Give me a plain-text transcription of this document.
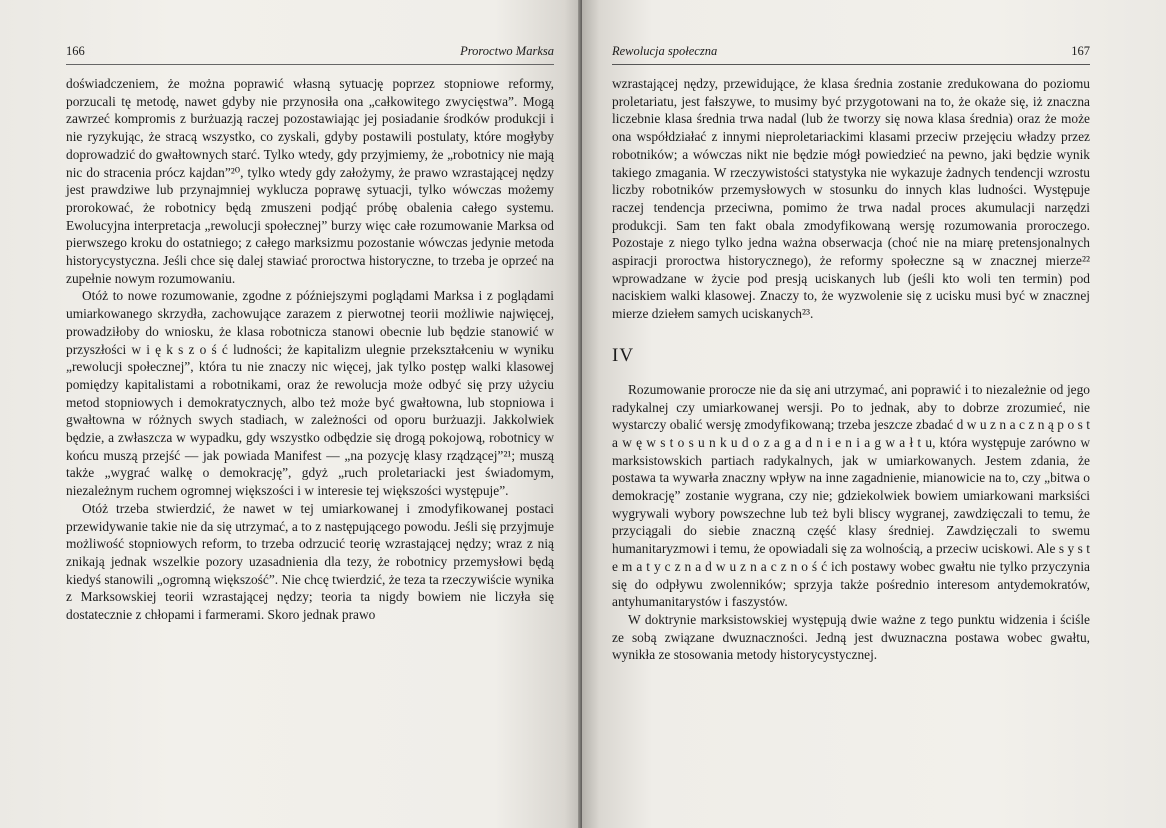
166	Proroctwo Marksa

doświadczeniem, że można poprawić własną sytuację poprzez stopniowe reformy, porzucali tę metodę, nawet gdyby nie przynosiła ona „całkowitego zwycięstwa”. Mogą zawrzeć kompromis z burżuazją raczej pozostawiając jej posiadanie środków produkcji i nie ryzykując, że stracą wszystko, co zyskali, gdyby postawili postulaty, które mogłyby doprowadzić do gwałtownych starć. Tylko wtedy, gdy przyjmiemy, że „robotnicy nie mają nic do stracenia prócz kajdan”²⁰, tylko wtedy gdy założymy, że prawo wzrastającej nędzy jest prawdziwe lub przynajmniej wyklucza poprawę sytuacji, tylko wówczas możemy prorokować, że robotnicy będą zmuszeni podjąć próbę obalenia całego systemu. Ewolucyjna interpretacja „rewolucji społecznej” burzy więc całe rozumowanie Marksa od pierwszego kroku do ostatniego; z całego marksizmu pozostanie wówczas jedynie metoda historycystyczna. Jeśli chce się dalej stawiać proroctwa historyczne, to trzeba je oprzeć na zupełnie nowym rozumowaniu.

Otóż to nowe rozumowanie, zgodne z późniejszymi poglądami Marksa i z poglądami umiarkowanego skrzydła, zachowujące zarazem z pierwotnej teorii możliwie najwięcej, prowadziłoby do wniosku, że klasa robotnicza stanowi obecnie lub będzie stanowić w przyszłości w i ę k s z o ś ć ludności; że kapitalizm ulegnie przekształceniu w wyniku „rewolucji społecznej”, która tu nie znaczy nic więcej, jak tylko postęp walki klasowej pomiędzy kapitalistami a robotnikami, oraz że rewolucja może odbyć się przy użyciu metod stopniowych i demokratycznych, albo też może być gwałtowna, lub stopniowa i gwałtowna w różnych swych stadiach, w zależności od oporu burżuazji. Jakkolwiek będzie, a zwłaszcza w wypadku, gdy wszystko odbędzie się drogą pokojową, robotnicy w końcu muszą przejść — jak powiada Manifest — „na pozycję klasy rządzącej”²¹; muszą także „wygrać walkę o demokrację”, gdyż „ruch proletariacki jest świadomym, niezależnym ruchem ogromnej większości i w interesie tej większości występuje”.

Otóż trzeba stwierdzić, że nawet w tej umiarkowanej i zmodyfikowanej postaci przewidywanie takie nie da się utrzymać, a to z następującego powodu. Jeśli się przyjmuje możliwość stopniowych reform, to trzeba odrzucić teorię wzrastającej nędzy; wraz z nią znikają jednak wszelkie pozory uzasadnienia dla tezy, że robotnicy przemysłowi będą kiedyś stanowili „ogromną większość”. Nie chcę twierdzić, że teza ta rzeczywiście wynika z Marksowskiej teorii wzrastającej nędzy; teoria ta nigdy bowiem nie liczyła się dostatecznie z chłopami i farmerami. Skoro jednak prawo

Rewolucja społeczna	167

wzrastającej nędzy, przewidujące, że klasa średnia zostanie zredukowana do poziomu proletariatu, jest fałszywe, to musimy być przygotowani na to, że okaże się, iż znaczna liczebnie klasa średnia trwa nadal (lub że tworzy się nowa klasa średnia) oraz że może ona współdziałać z innymi nieproletariackimi klasami przeciw przejęciu władzy przez robotników; a wówczas nikt nie będzie mógł powiedzieć na pewno, jaki będzie wynik takiego zmagania. W rzeczywistości statystyka nie wykazuje żadnych tendencji wzrostu liczby robotników przemysłowych w stosunku do innych klas ludności. Występuje raczej tendencja przeciwna, pomimo że trwa nadal proces akumulacji narzędzi produkcji. Sam ten fakt obala zmodyfikowaną wersję rozumowania proroczego. Pozostaje z niego tylko jedna ważna obserwacja (choć nie na miarę pretensjonalnych aspiracji proroctwa historycznego), że reformy społeczne są w znacznej mierze²² wprowadzane w życie pod presją uciskanych lub (jeśli kto woli ten termin) pod naciskiem walki klasowej. Znaczy to, że wyzwolenie się z ucisku musi być w znacznej mierze dziełem samych uciskanych²³.

IV

Rozumowanie prorocze nie da się ani utrzymać, ani poprawić i to niezależnie od jego radykalnej czy umiarkowanej wersji. Po to jednak, aby to dobrze zrozumieć, nie wystarczy obalić wersję zmodyfikowaną; trzeba jeszcze zbadać d w u z n a c z n ą p o s t a w ę w s t o s u n k u d o z a g a d n i e n i a g w a ł t u, która występuje zarówno w marksistowskich partiach radykalnych, jak w umiarkowanych. Jestem zdania, że postawa ta wywarła znaczny wpływ na inne zagadnienie, mianowicie na to, czy „bitwa o demokrację” zostanie wygrana, czy nie; gdziekolwiek bowiem umiarkowani marksiści wygrywali wybory powszechne lub też byli bliscy wygranej, zawdzięczali to temu, że przyciągali do siebie znaczną część klasy średniej. Zawdzięczali to swemu humanitaryzmowi i temu, że opowiadali się za wolnością, a przeciw uciskowi. Ale s y s t e m a t y c z n a d w u z n a c z n o ś ć ich postawy wobec gwałtu nie tylko przyczynia się do odpływu zwolenników; sprzyja także pośrednio interesom antydemokratów, antyhumanitarystów i faszystów.

W doktrynie marksistowskiej występują dwie ważne z tego punktu widzenia i ściśle ze sobą związane dwuznaczności. Jedną jest dwuznaczna postawa wobec gwałtu, wynikła ze stosowania metody historycystycznej.
